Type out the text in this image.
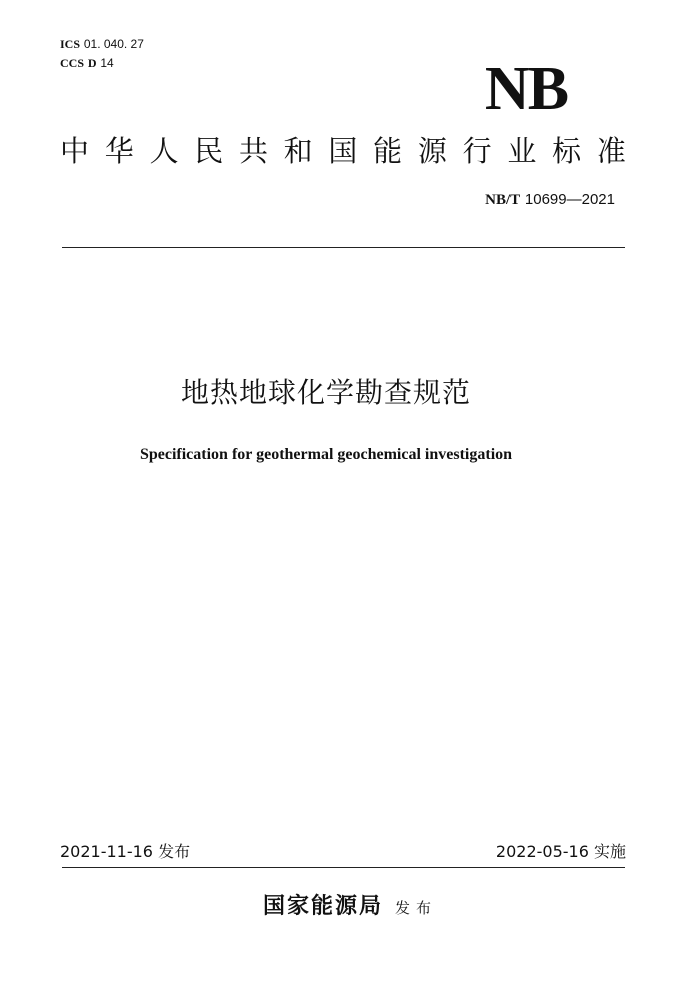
ICS 01. 040. 27
CCS D 14	NB
中 华 人 民 共 和 国 能 源 行 业 标 准
NB/T 10699—2021
地热地球化学勘查规范
Specification for geothermal geochemical investigation
2021-11-16 发布	2022-05-16 实施
国家能源局 发布
